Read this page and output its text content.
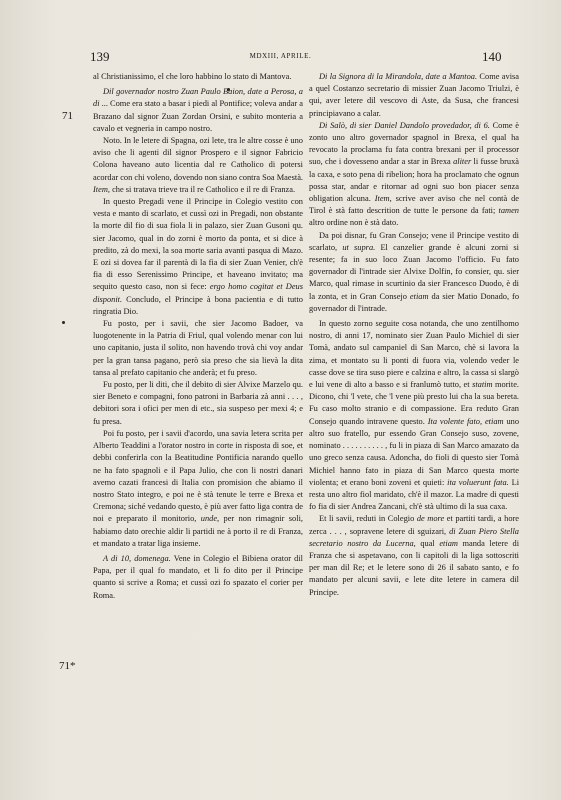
139	MDXIII, APRILE.	140
71
71*

al Christianissimo, el che loro habbino lo stato di Mantova.

Dil governador nostro Zuan Paulo Baion, date a Perosa, a di ... Come era stato a basar i piedi al Pontifice; voleva andar a Brazano dal signor Zuan Zordan Orsini, e subito monteria a cavalo et vegneria in campo nostro.

Noto. In le letere di Spagna, ozi lete, tra le altre cosse è uno aviso che li agenti dil signor Prospero e il signor Fabricio Colona haveano auto licentia dal re Catholico di potersi acordar con chi voleno, dovendo non siano contra Soa Maestà. Item, che si tratava trieve tra il re Catholico e il re di Franza.

In questo Pregadi vene il Principe in Colegio vestito con vesta e manto di scarlato, et cussì ozi in Pregadi, non obstante la morte dil fio di sua fiola li in palazo, sier Zuan Gusoni qu. sier Jacomo, qual in do zorni è morto da ponta, et si dice à predito, zà do mexi, la soa morte saria avanti pasqua di Mazo. E ozi si dovea far il parentà di la fia di sier Zuan Venier, ch'è fia di esso Serenissimo Principe, et haveano invitato; ma sequito questo caso, non si fece: ergo homo cogitat et Deus disponit. Concludo, el Principe à bona pacientia e di tutto ringratia Dio.

Fu posto, per i savii, che sier Jacomo Badoer, va luogotenente in la Patria di Friul, qual volendo menar con lui uno capitanio, justa il solito, non havendo trovà chi voy andar per la gran tansa pagano, però sia preso che sia lievà la dita tansa al prefato capitanio che anderà; et fu preso.

Fu posto, per li diti, che il debito di sier Alvixe Marzelo qu. sier Beneto e compagni, fono patroni in Barbaria zà anni . . . , debitori sora i ofici per men di etc., sia suspeso per mexi 4; e fu presa.

Poi fu posto, per i savii d'acordo, una savia letera scrita per Alberto Teaddini a l'orator nostro in corte in risposta di soe, et debbi conferirla con la Beatitudine Pontificia narando quello ne ha fato spagnoli e il Papa Julio, che con li nostri danari avemo cazati francesi di Italia con promision che abiamo il nostro Stato integro, e poi ne è stà tenute le terre e Brexa et Cremona; siché vedando questo, è più aver fatto liga contra de noi e preparato il monitorio, unde, per non rimagnir soli, habiamo dato orechie aldir li partidi ne à porto il re di Franza, et mandato a tratar liga insieme.

A di 10, domenega. Vene in Colegio el Bibiena orator dil Papa, per il qual fo mandato, et li fo dito per il Principe quanto si scrive a Roma; et cussì ozi fo spazato el corier per Roma.

Di la Signora di la Mirandola, date a Mantoa. Come avisa a quel Costanzo secretario di missier Zuan Jacomo Triulzi, è qui, aver letere dil vescovo di Aste, da Susa, che francesi principiavano a calar.

Di Salò, di sier Daniel Dandolo provedador, di 6. Come è zonto uno altro governador spagnol in Brexa, el qual ha revocato la proclama fu fata contra brexani per il processor suo, che i dovesseno andar a star in Brexa aliter li fusse bruxà la caxa, e soto pena di ribelion; hora ha proclamato che ognun possa star, andar e ritornar ad ogni suo bon piacer senza obligation alcuna. Item, scrive aver aviso che nel contà de Tirol è stà fatto descrition de tutte le persone da fati; tamen altro ordine non è stà dato.

Da poi disnar, fu Gran Consejo; vene il Principe vestito di scarlato, ut supra. El canzelier grande è alcuni zorni si resente; fa in suo loco Zuan Jacomo l'officio. Fu fato governador di l'intrade sier Alvixe Dolfin, fo consier, qu. sier Marco, qual rimase in scurtinio da sier Francesco Duodo, è di la zonta, et in Gran Consejo etiam da sier Matio Donado, fo governador di l'intrade.

In questo zorno seguite cosa notanda, che uno zentilhomo nostro, di anni 17, nominato sier Zuan Paulo Michiel di sier Tomà, andato sul campaniel di San Marco, chè si lavora la zima, et montato su li ponti di fuora via, volendo veder le casse dove se tira suso piere e calzina e altro, la cassa si slargò e lui vene di alto a basso e si franlumò tutto, et statim morite. Dicono, chi 'l vete, che 'l vene più presto lui cha la sua bereta. Fu caso molto stranio e di compassione. Era reduto Gran Consejo quando intravene questo. Ita volente fato, etiam uno altro suo fratello, pur essendo Gran Consejo suso, zovene, nominato . . . . . . . . . . , fu li in piaza di San Marco amazato da uno greco senza causa. Adoncha, do fioli di questo sier Tomà Michiel hanno fato in piaza di San Marco questa morte violenta; et erano boni zoveni et quieti: ita voluerunt fata. Li resta uno altro fiol maridato, ch'è il mazor. La madre di questi fo fia di sier Andrea Zancani, ch'è stà ultimo di la sua caxa.

Et li savii, reduti in Colegio de more et partiti tardi, a hore zerca . . . , sopravene letere di sguizari, di Zuan Piero Stella secretario nostro da Lucerna, qual etiam manda letere di Franza che si aspetavano, con li capitoli di la liga sottoscriti per man dil Re; et le letere sono di 26 il sabato santo, e fo mandato per alcuni savii, e lete dite letere in camera dil Principe.
